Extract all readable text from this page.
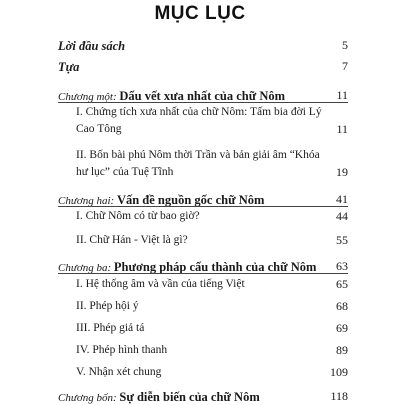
MỤC LỤC
Lời đầu sách	5
Tựa	7
Chương một: Dấu vết xưa nhất của chữ Nôm	11
I. Chứng tích xưa nhất của chữ Nôm: Tấm bia đời Lý Cao Tông	11
II. Bốn bài phú Nôm thời Trần và bản giải âm “Khóa hư lục” của Tuệ Tĩnh	19
Chương hai: Vấn đề nguồn gốc chữ Nôm	41
I. Chữ Nôm có từ bao giờ?	44
II. Chữ Hán - Việt là gì?	55
Chương ba: Phương pháp cấu thành của chữ Nôm 63
I. Hệ thống âm và vần của tiếng Việt	65
II. Phép hội ý	68
III. Phép giả tá	69
IV. Phép hình thanh	89
V. Nhận xét chung	109
Chương bốn: Sự diễn biến của chữ Nôm	118
